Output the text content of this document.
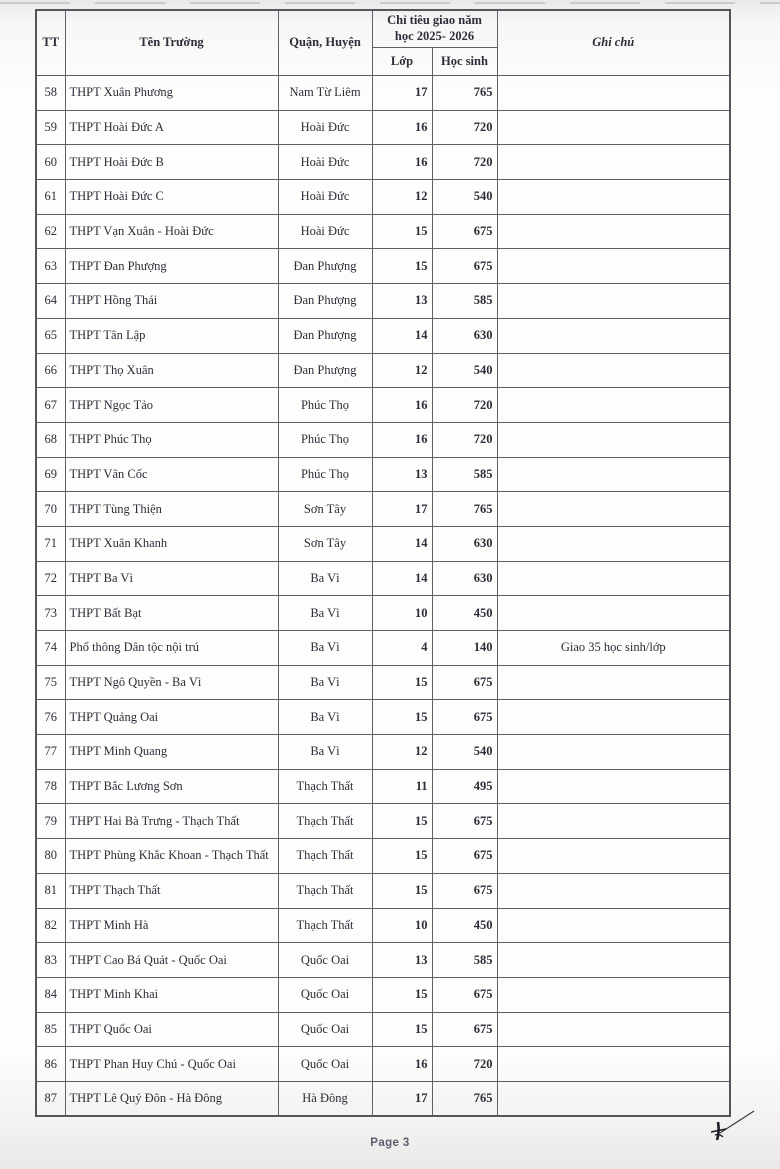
TT	Tên Trường	Quận, Huyện	Chỉ tiêu giao năm học 2025- 2026		Ghi chú
			Lớp	Học sinh	
58	THPT Xuân Phương	Nam Từ Liêm	17	765	
59	THPT Hoài Đức A	Hoài Đức	16	720	
60	THPT Hoài Đức B	Hoài Đức	16	720	
61	THPT Hoài Đức C	Hoài Đức	12	540	
62	THPT Vạn Xuân - Hoài Đức	Hoài Đức	15	675	
63	THPT Đan Phượng	Đan Phượng	15	675	
64	THPT Hồng Thái	Đan Phượng	13	585	
65	THPT Tân Lập	Đan Phượng	14	630	
66	THPT Thọ Xuân	Đan Phượng	12	540	
67	THPT Ngọc Tảo	Phúc Thọ	16	720	
68	THPT Phúc Thọ	Phúc Thọ	16	720	
69	THPT Vân Cốc	Phúc Thọ	13	585	
70	THPT Tùng Thiện	Sơn Tây	17	765	
71	THPT Xuân Khanh	Sơn Tây	14	630	
72	THPT Ba Vì	Ba Vì	14	630	
73	THPT Bất Bạt	Ba Vì	10	450	
74	Phổ thông Dân tộc nội trú	Ba Vì	4	140	Giao 35 học sinh/lớp
75	THPT Ngô Quyền - Ba Vì	Ba Vì	15	675	
76	THPT Quảng Oai	Ba Vì	15	675	
77	THPT Minh Quang	Ba Vì	12	540	
78	THPT Bắc Lương Sơn	Thạch Thất	11	495	
79	THPT Hai Bà Trưng - Thạch Thất	Thạch Thất	15	675	
80	THPT Phùng Khắc Khoan - Thạch Thất	Thạch Thất	15	675	
81	THPT Thạch Thất	Thạch Thất	15	675	
82	THPT Minh Hà	Thạch Thất	10	450	
83	THPT Cao Bá Quát - Quốc Oai	Quốc Oai	13	585	
84	THPT Minh Khai	Quốc Oai	15	675	
85	THPT Quốc Oai	Quốc Oai	15	675	
86	THPT Phan Huy Chú - Quốc Oai	Quốc Oai	16	720	
87	THPT Lê Quý Đôn - Hà Đông	Hà Đông	17	765	
Page 3
